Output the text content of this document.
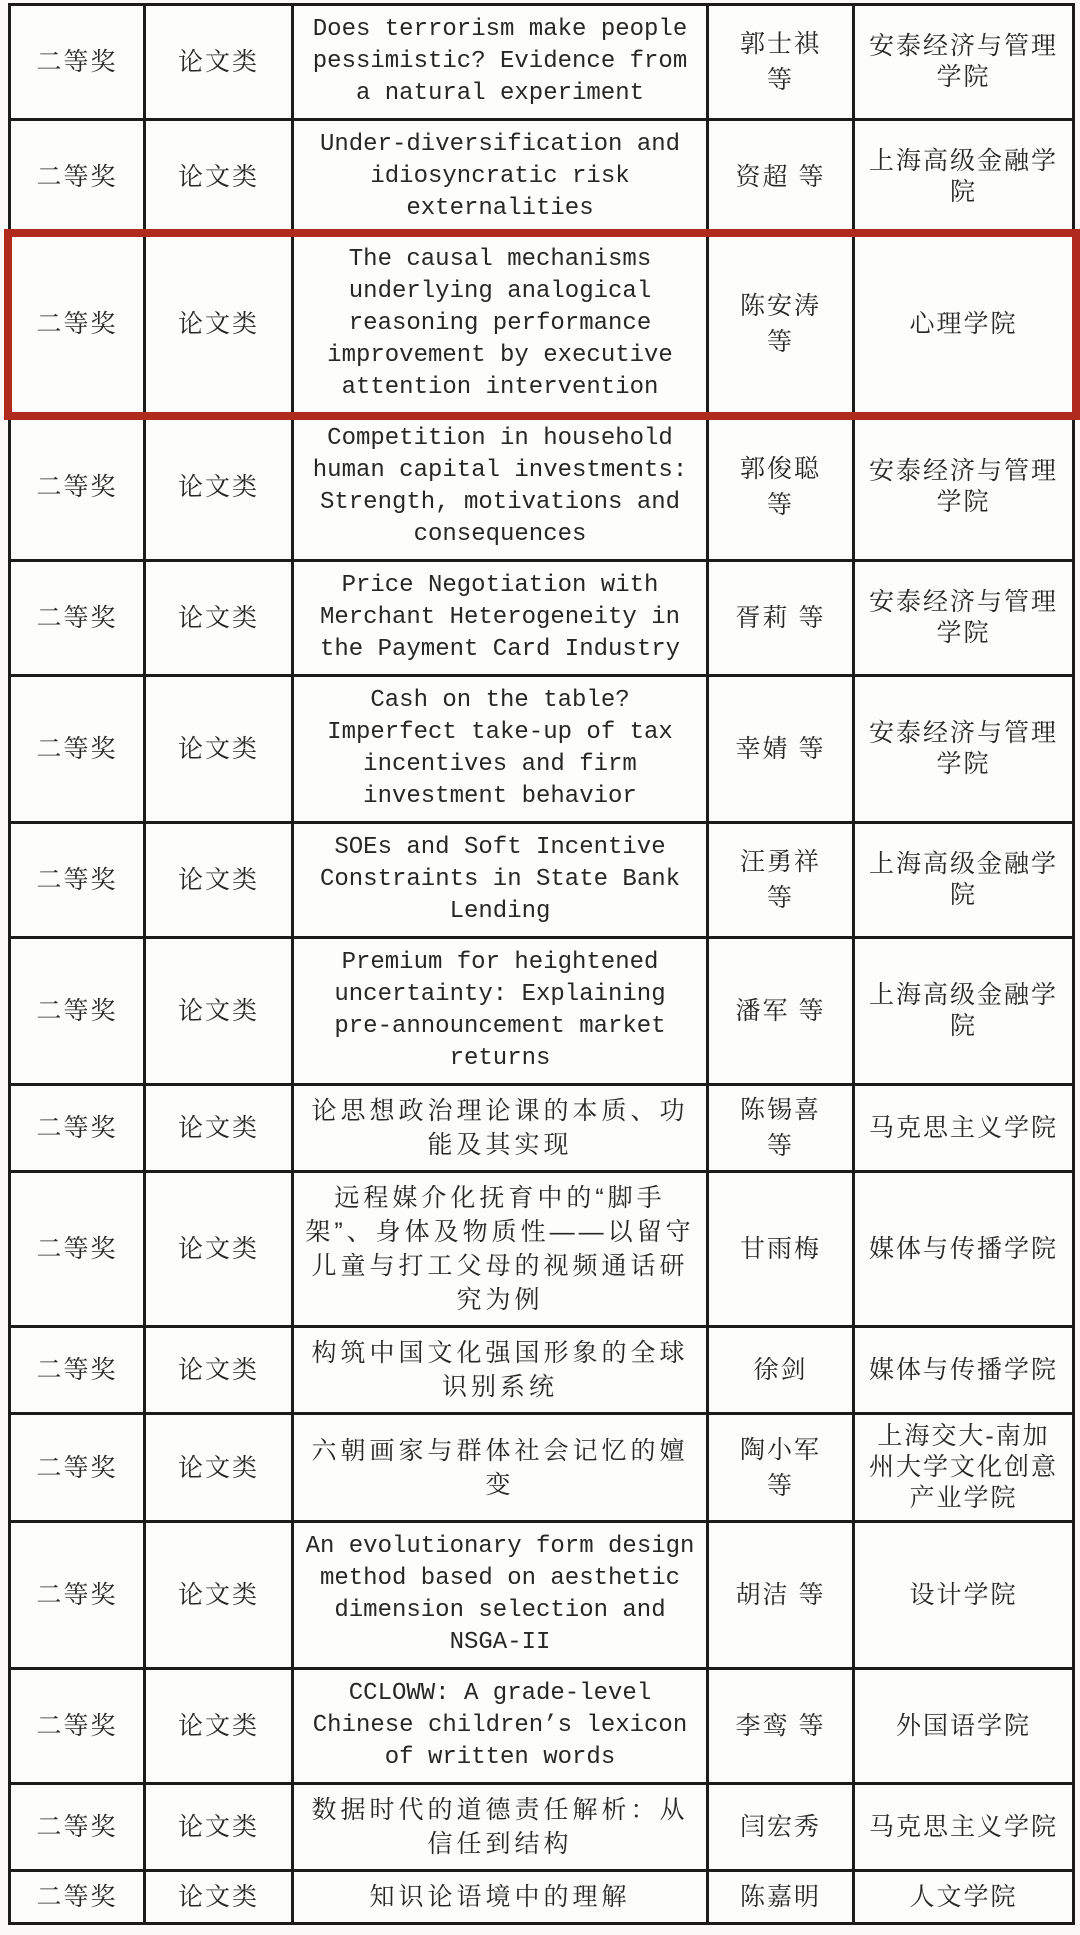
二等奖	论文类	Does terrorism make people pessimistic? Evidence from a natural experiment	郭士祺 等	安泰经济与管理学院
二等奖	论文类	Under-diversification and idiosyncratic risk externalities	资超 等	上海高级金融学院
二等奖	论文类	The causal mechanisms underlying analogical reasoning performance improvement by executive attention intervention	陈安涛 等	心理学院
二等奖	论文类	Competition in household human capital investments: Strength, motivations and consequences	郭俊聪 等	安泰经济与管理学院
二等奖	论文类	Price Negotiation with Merchant Heterogeneity in the Payment Card Industry	胥莉 等	安泰经济与管理学院
二等奖	论文类	Cash on the table? Imperfect take-up of tax incentives and firm investment behavior	幸婧 等	安泰经济与管理学院
二等奖	论文类	SOEs and Soft Incentive Constraints in State Bank Lending	汪勇祥 等	上海高级金融学院
二等奖	论文类	Premium for heightened uncertainty: Explaining pre-announcement market returns	潘军 等	上海高级金融学院
二等奖	论文类	论思想政治理论课的本质、功能及其实现	陈锡喜 等	马克思主义学院
二等奖	论文类	远程媒介化抚育中的“脚手架”、身体及物质性——以留守儿童与打工父母的视频通话研究为例	甘雨梅	媒体与传播学院
二等奖	论文类	构筑中国文化强国形象的全球识别系统	徐剑	媒体与传播学院
二等奖	论文类	六朝画家与群体社会记忆的嬗变	陶小军 等	上海交大-南加州大学文化创意产业学院
二等奖	论文类	An evolutionary form design method based on aesthetic dimension selection and NSGA-II	胡洁 等	设计学院
二等奖	论文类	CCLOWW: A grade-level Chinese children’s lexicon of written words	李鸾 等	外国语学院
二等奖	论文类	数据时代的道德责任解析：从信任到结构	闫宏秀	马克思主义学院
二等奖	论文类	知识论语境中的理解	陈嘉明	人文学院
